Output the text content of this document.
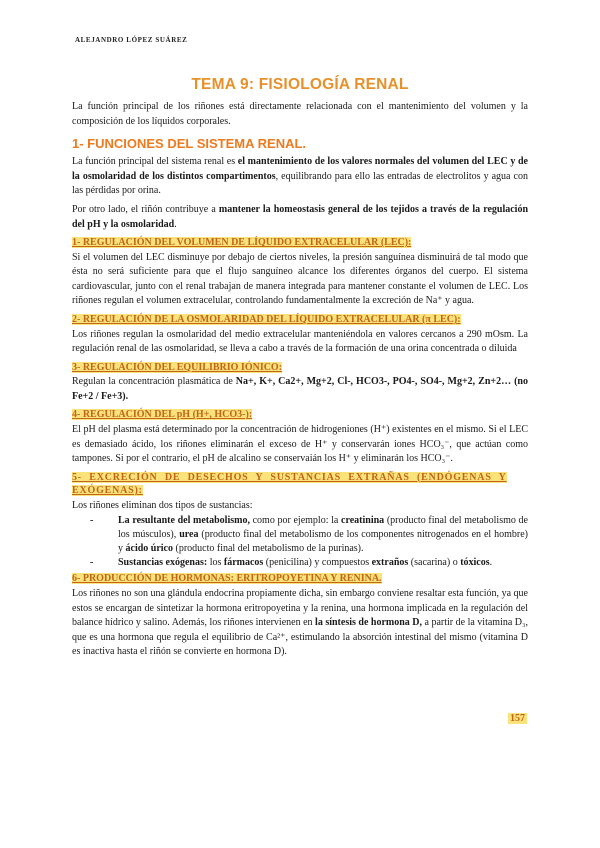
ALEJANDRO LÓPEZ SUÁREZ
TEMA 9: FISIOLOGÍA RENAL

La función principal de los riñones está directamente relacionada con el mantenimiento del volumen y la composición de los líquidos corporales.

1- FUNCIONES DEL SISTEMA RENAL.

La función principal del sistema renal es el mantenimiento de los valores normales del volumen del LEC y de la osmolaridad de los distintos compartimentos, equilibrando para ello las entradas de electrolitos y agua con las pérdidas por orina.

Por otro lado, el riñón contribuye a mantener la homeostasis general de los tejidos a través de la regulación del pH y la osmolaridad.

1- REGULACIÓN DEL VOLUMEN DE LÍQUIDO EXTRACELULAR (LEC):

Si el volumen del LEC disminuye por debajo de ciertos niveles, la presión sanguínea disminuirá de tal modo que ésta no será suficiente para que el flujo sanguíneo alcance los diferentes órganos del cuerpo. El sistema cardiovascular, junto con el renal trabajan de manera integrada para mantener constante el volumen de LEC. Los riñones regulan el volumen extracelular, controlando fundamentalmente la excreción de Na⁺ y agua.

2- REGULACIÓN DE LA OSMOLARIDAD DEL LÍQUIDO EXTRACELULAR (π LEC):

Los riñones regulan la osmolaridad del medio extracelular manteniéndola en valores cercanos a 290 mOsm. La regulación renal de las osmolaridad, se lleva a cabo a través de la formación de una orina concentrada o diluida

3- REGULACIÓN DEL EQUILIBRIO IÓNICO:

Regulan la concentración plasmática de Na+, K+, Ca2+, Mg+2, Cl-, HCO3-, PO4-, SO4-, Mg+2, Zn+2… (no Fe+2 / Fe+3).

4- REGULACIÓN DEL pH (H+, HCO3-):

El pH del plasma está determinado por la concentración de hidrogeniones (H⁺) existentes en el mismo. Si el LEC es demasiado ácido, los riñones eliminarán el exceso de H⁺ y conservarán iones HCO₃⁻, que actúan como tampones. Si por el contrario, el pH de alcalino se conservaián los H⁺ y eliminarán los HCO₃⁻.

5- EXCRECIÓN DE DESECHOS Y SUSTANCIAS EXTRAÑAS (ENDÓGENAS Y EXÓGENAS):

Los riñones eliminan dos tipos de sustancias:

- La resultante del metabolismo, como por ejemplo: la creatinina (producto final del metabolismo de los músculos), urea (producto final del metabolismo de los componentes nitrogenados en el hombre) y ácido úrico (producto final del metabolismo de la purinas).
- Sustancias exógenas: los fármacos (penicilina) y compuestos extraños (sacarina) o tóxicos.
6- PRODUCCIÓN DE HORMONAS: ERITROPOYETINA Y RENINA.

Los riñones no son una glándula endocrina propiamente dicha, sin embargo conviene resaltar esta función, ya que estos se encargan de sintetizar la hormona eritropoyetina y la renina, una hormona implicada en la regulación del balance hídrico y salino. Además, los riñones intervienen en la síntesis de hormona D, a partir de la vitamina D₃, que es una hormona que regula el equilibrio de Ca²⁺, estimulando la absorción intestinal del mismo (vitamina D es inactiva hasta el riñón se convierte en hormona D).

157
